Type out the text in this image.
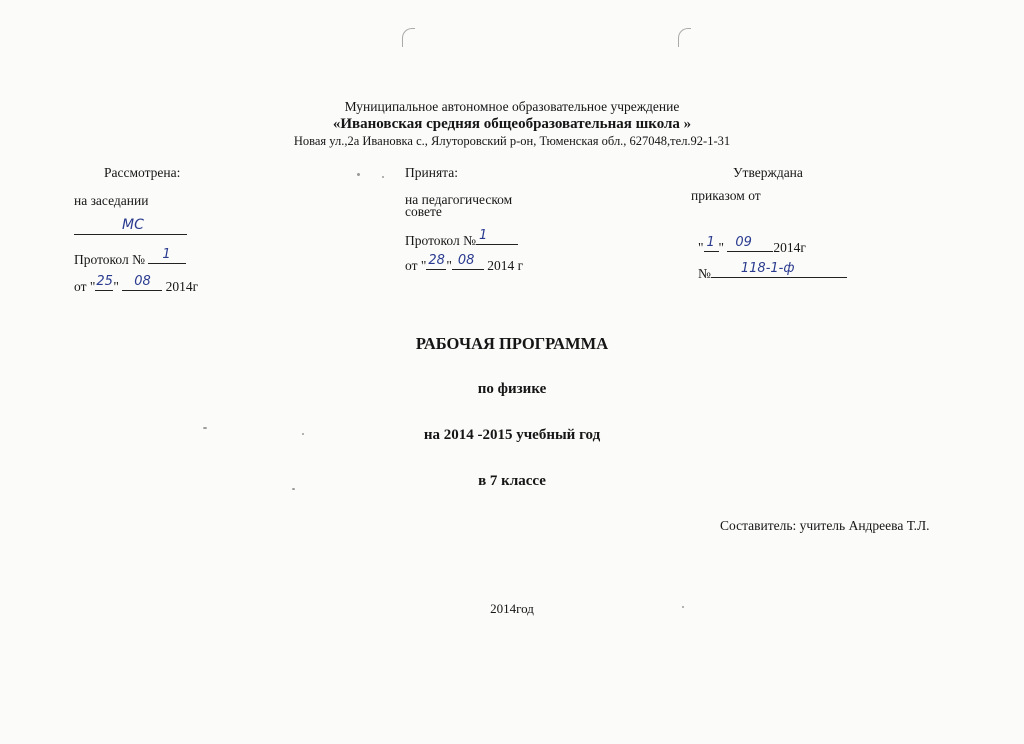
Муниципальное автономное образовательное учреждение
«Ивановская средняя общеобразовательная школа »
Новая ул.,2а Ивановка с., Ялуторовский р-он, Тюменская обл., 627048,тел.92-1-31
Рассмотрена:
на заседании
МС
Протокол № 1
от " 25 " 08 2014г
Принята:
на педагогическом
совете
Протокол № 1
от " 28 " 08 2014 г
Утверждана
приказом от
" 1 " 09 2014г
№ 118-1-ф
РАБОЧАЯ ПРОГРАММА
по физике
на 2014 -2015 учебный год
в 7 классе
Составитель: учитель Андреева Т.Л.
2014год
